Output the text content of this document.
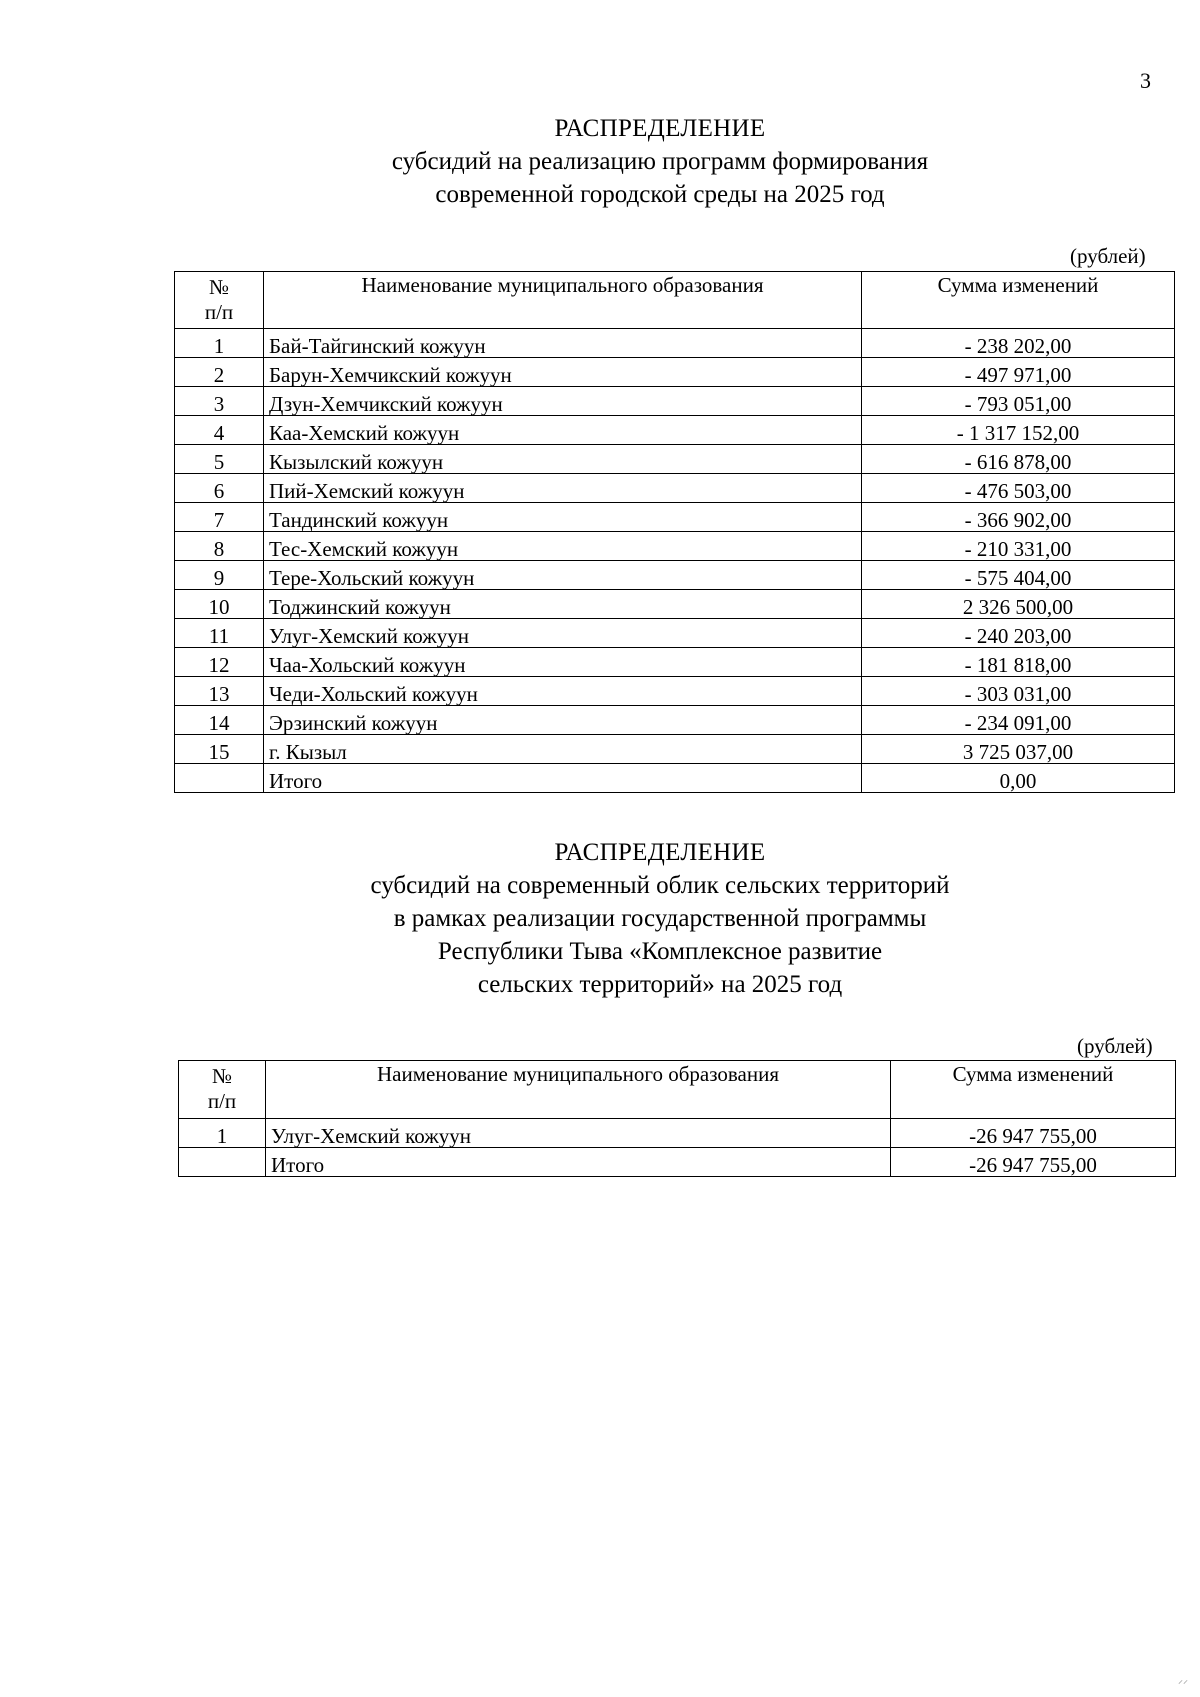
3
РАСПРЕДЕЛЕНИЕ
субсидий на реализацию программ формирования
современной городской среды на 2025 год
(рублей)
№
п/п	Наименование муниципального образования	Сумма изменений
1	Бай-Тайгинский кожуун	- 238 202,00
2	Барун-Хемчикский кожуун	- 497 971,00
3	Дзун-Хемчикский кожуун	- 793 051,00
4	Каа-Хемский кожуун	- 1 317 152,00
5	Кызылский кожуун	- 616 878,00
6	Пий-Хемский кожуун	- 476 503,00
7	Тандинский кожуун	- 366 902,00
8	Тес-Хемский кожуун	- 210 331,00
9	Тере-Хольский кожуун	- 575 404,00
10	Тоджинский кожуун	2 326 500,00
11	Улуг-Хемский кожуун	- 240 203,00
12	Чаа-Хольский кожуун	- 181 818,00
13	Чеди-Хольский кожуун	- 303 031,00
14	Эрзинский кожуун	- 234 091,00
15	г. Кызыл	3 725 037,00
	Итого	0,00
РАСПРЕДЕЛЕНИЕ
субсидий на современный облик сельских территорий
в рамках реализации государственной программы
Республики Тыва «Комплексное развитие
сельских территорий» на 2025 год
(рублей)
№
п/п	Наименование муниципального образования	Сумма изменений
1	Улуг-Хемский кожуун	-26 947 755,00
	Итого	-26 947 755,00
⸝⸝
